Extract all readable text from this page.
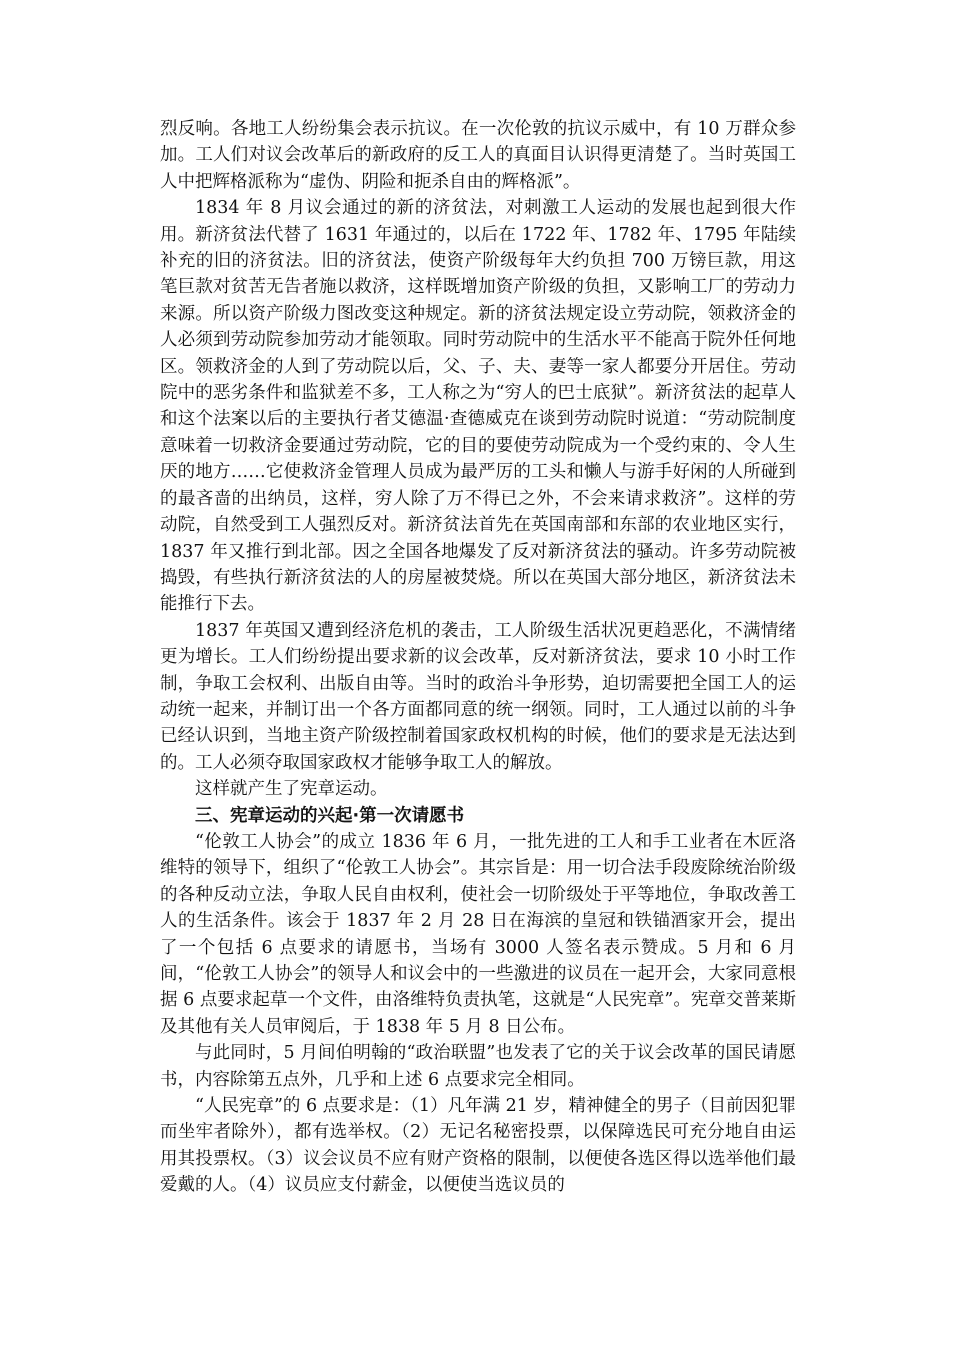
烈反响。各地工人纷纷集会表示抗议。在一次伦敦的抗议示威中，有 10 万群众参加。工人们对议会改革后的新政府的反工人的真面目认识得更清楚了。当时英国工人中把辉格派称为“虚伪、阴险和扼杀自由的辉格派”。

1834 年 8 月议会通过的新的济贫法，对刺激工人运动的发展也起到很大作用。新济贫法代替了 1631 年通过的，以后在 1722 年、1782 年、1795 年陆续补充的旧的济贫法。旧的济贫法，使资产阶级每年大约负担 700 万镑巨款，用这笔巨款对贫苦无告者施以救济，这样既增加资产阶级的负担，又影响工厂的劳动力来源。所以资产阶级力图改变这种规定。新的济贫法规定设立劳动院，领救济金的人必须到劳动院参加劳动才能领取。同时劳动院中的生活水平不能高于院外任何地区。领救济金的人到了劳动院以后，父、子、夫、妻等一家人都要分开居住。劳动院中的恶劣条件和监狱差不多，工人称之为“穷人的巴士底狱”。新济贫法的起草人和这个法案以后的主要执行者艾德温·查德威克在谈到劳动院时说道：“劳动院制度意味着一切救济金要通过劳动院，它的目的要使劳动院成为一个受约束的、令人生厌的地方……它使救济金管理人员成为最严厉的工头和懒人与游手好闲的人所碰到的最吝啬的出纳员，这样，穷人除了万不得已之外，不会来请求救济”。这样的劳动院，自然受到工人强烈反对。新济贫法首先在英国南部和东部的农业地区实行，1837 年又推行到北部。因之全国各地爆发了反对新济贫法的骚动。许多劳动院被捣毁，有些执行新济贫法的人的房屋被焚烧。所以在英国大部分地区，新济贫法未能推行下去。

1837 年英国又遭到经济危机的袭击，工人阶级生活状况更趋恶化，不满情绪更为增长。工人们纷纷提出要求新的议会改革，反对新济贫法，要求 10 小时工作制，争取工会权利、出版自由等。当时的政治斗争形势，迫切需要把全国工人的运动统一起来，并制订出一个各方面都同意的统一纲领。同时，工人通过以前的斗争已经认识到，当地主资产阶级控制着国家政权机构的时候，他们的要求是无法达到的。工人必须夺取国家政权才能够争取工人的解放。

这样就产生了宪章运动。

三、宪章运动的兴起·第一次请愿书

“伦敦工人协会”的成立 1836 年 6 月，一批先进的工人和手工业者在木匠洛维特的领导下，组织了“伦敦工人协会”。其宗旨是：用一切合法手段废除统治阶级的各种反动立法，争取人民自由权利，使社会一切阶级处于平等地位，争取改善工人的生活条件。该会于 1837 年 2 月 28 日在海滨的皇冠和铁锚酒家开会，提出了一个包括 6 点要求的请愿书，当场有 3000 人签名表示赞成。5 月和 6 月间，“伦敦工人协会”的领导人和议会中的一些激进的议员在一起开会，大家同意根据 6 点要求起草一个文件，由洛维特负责执笔，这就是“人民宪章”。宪章交普莱斯及其他有关人员审阅后，于 1838 年 5 月 8 日公布。

与此同时，5 月间伯明翰的“政治联盟”也发表了它的关于议会改革的国民请愿书，内容除第五点外，几乎和上述 6 点要求完全相同。

“人民宪章”的 6 点要求是：（1）凡年满 21 岁，精神健全的男子（目前因犯罪而坐牢者除外），都有选举权。（2）无记名秘密投票，以保障选民可充分地自由运用其投票权。（3）议会议员不应有财产资格的限制，以便使各选区得以选举他们最爱戴的人。（4）议员应支付薪金，以便使当选议员的
